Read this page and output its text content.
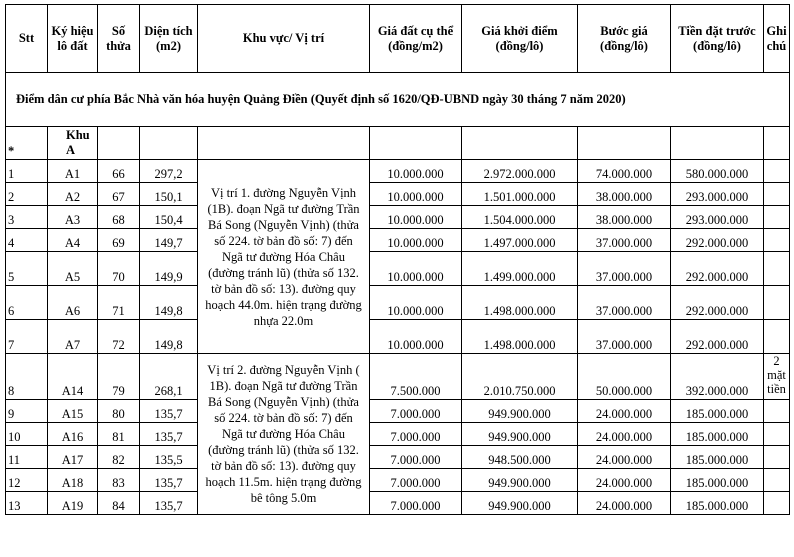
Stt	Ký hiệu lô đất	Số thửa	Diện tích (m2)	Khu vực/ Vị trí	Giá đất cụ thể (đồng/m2)	Giá khởi điểm (đồng/lô)	Bước giá (đồng/lô)	Tiền đặt trước (đồng/lô)	Ghi chú
Điểm dân cư phía Bắc Nhà văn hóa huyện Quảng Điền (Quyết định số 1620/QĐ-UBND ngày 30 tháng 7 năm 2020)									
*	Khu A								
1	A1	66	297,2	Vị trí 1. đường Nguyễn Vịnh (1B). đoạn Ngã tư đường Trần Bá Song (Nguyễn Vịnh) (thửa số 224. tờ bản đồ số: 7) đến Ngã tư đường Hóa Châu (đường tránh lũ) (thửa số 132. tờ bản đồ số: 13). đường quy hoạch 44.0m. hiện trạng đường nhựa 22.0m	10.000.000	2.972.000.000	74.000.000	580.000.000	
2	A2	67	150,1		10.000.000	1.501.000.000	38.000.000	293.000.000	
3	A3	68	150,4		10.000.000	1.504.000.000	38.000.000	293.000.000	
4	A4	69	149,7		10.000.000	1.497.000.000	37.000.000	292.000.000	
5	A5	70	149,9		10.000.000	1.499.000.000	37.000.000	292.000.000	
6	A6	71	149,8		10.000.000	1.498.000.000	37.000.000	292.000.000	
7	A7	72	149,8		10.000.000	1.498.000.000	37.000.000	292.000.000	
8	A14	79	268,1	Vị trí 2. đường Nguyễn Vịnh ( 1B). đoạn Ngã tư đường Trần Bá Song (Nguyễn Vịnh) (thửa số 224. tờ bản đồ số: 7) đến Ngã tư đường Hóa Châu (đường tránh lũ) (thửa số 132. tờ bản đồ số: 13). đường quy hoạch 11.5m. hiện trạng đường bê tông 5.0m	7.500.000	2.010.750.000	50.000.000	392.000.000	2 mặt tiền
9	A15	80	135,7		7.000.000	949.900.000	24.000.000	185.000.000	
10	A16	81	135,7		7.000.000	949.900.000	24.000.000	185.000.000	
11	A17	82	135,5		7.000.000	948.500.000	24.000.000	185.000.000	
12	A18	83	135,7		7.000.000	949.900.000	24.000.000	185.000.000	
13	A19	84	135,7		7.000.000	949.900.000	24.000.000	185.000.000	
